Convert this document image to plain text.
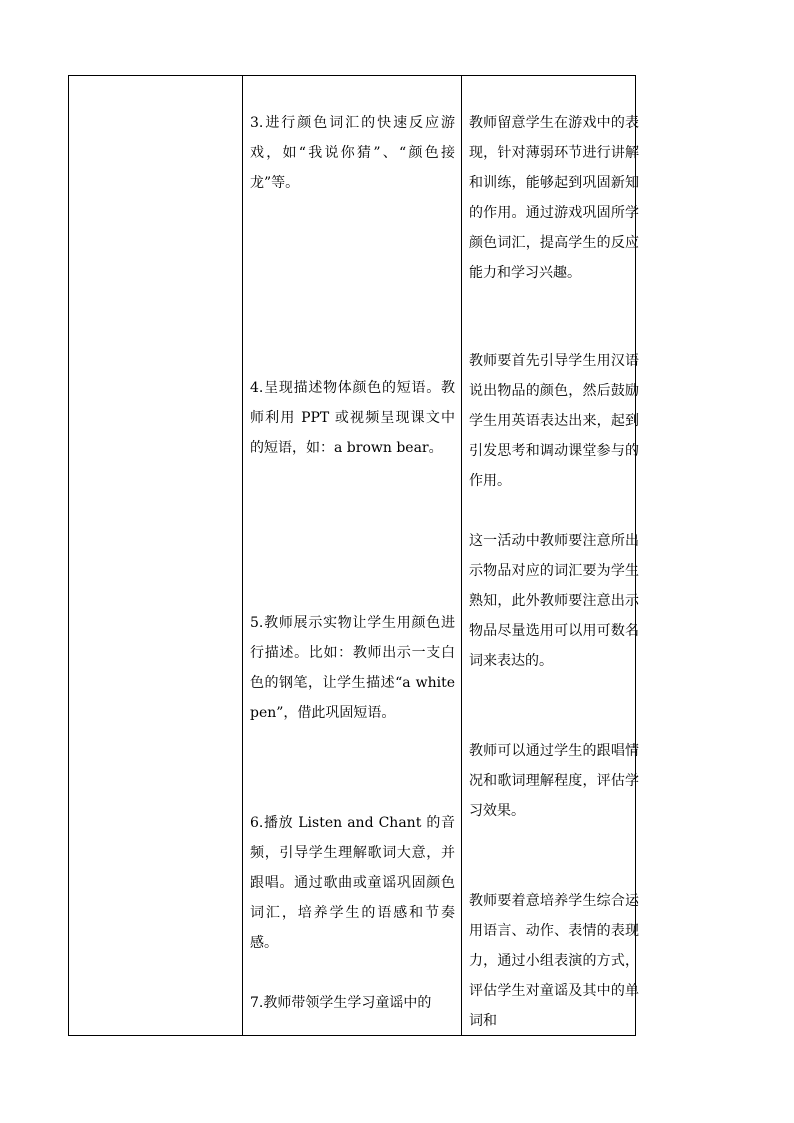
3.进行颜色词汇的快速反应游戏，如“我说你猜”、“颜色接龙”等。

4.呈现描述物体颜色的短语。教师利用 PPT 或视频呈现课文中的短语，如：a brown bear。

5.教师展示实物让学生用颜色进行描述。比如：教师出示一支白色的钢笔，让学生描述“a white pen”，借此巩固短语。

6.播放 Listen and Chant 的音频，引导学生理解歌词大意，并跟唱。通过歌曲或童谣巩固颜色词汇，培养学生的语感和节奏感。

7.教师带领学生学习童谣中的

教师留意学生在游戏中的表现，针对薄弱环节进行讲解和训练，能够起到巩固新知的作用。通过游戏巩固所学颜色词汇，提高学生的反应能力和学习兴趣。

教师要首先引导学生用汉语说出物品的颜色，然后鼓励学生用英语表达出来，起到引发思考和调动课堂参与的作用。

这一活动中教师要注意所出示物品对应的词汇要为学生熟知，此外教师要注意出示物品尽量选用可以用可数名词来表达的。

教师可以通过学生的跟唱情况和歌词理解程度，评估学习效果。

教师要着意培养学生综合运用语言、动作、表情的表现力，通过小组表演的方式，评估学生对童谣及其中的单词和
